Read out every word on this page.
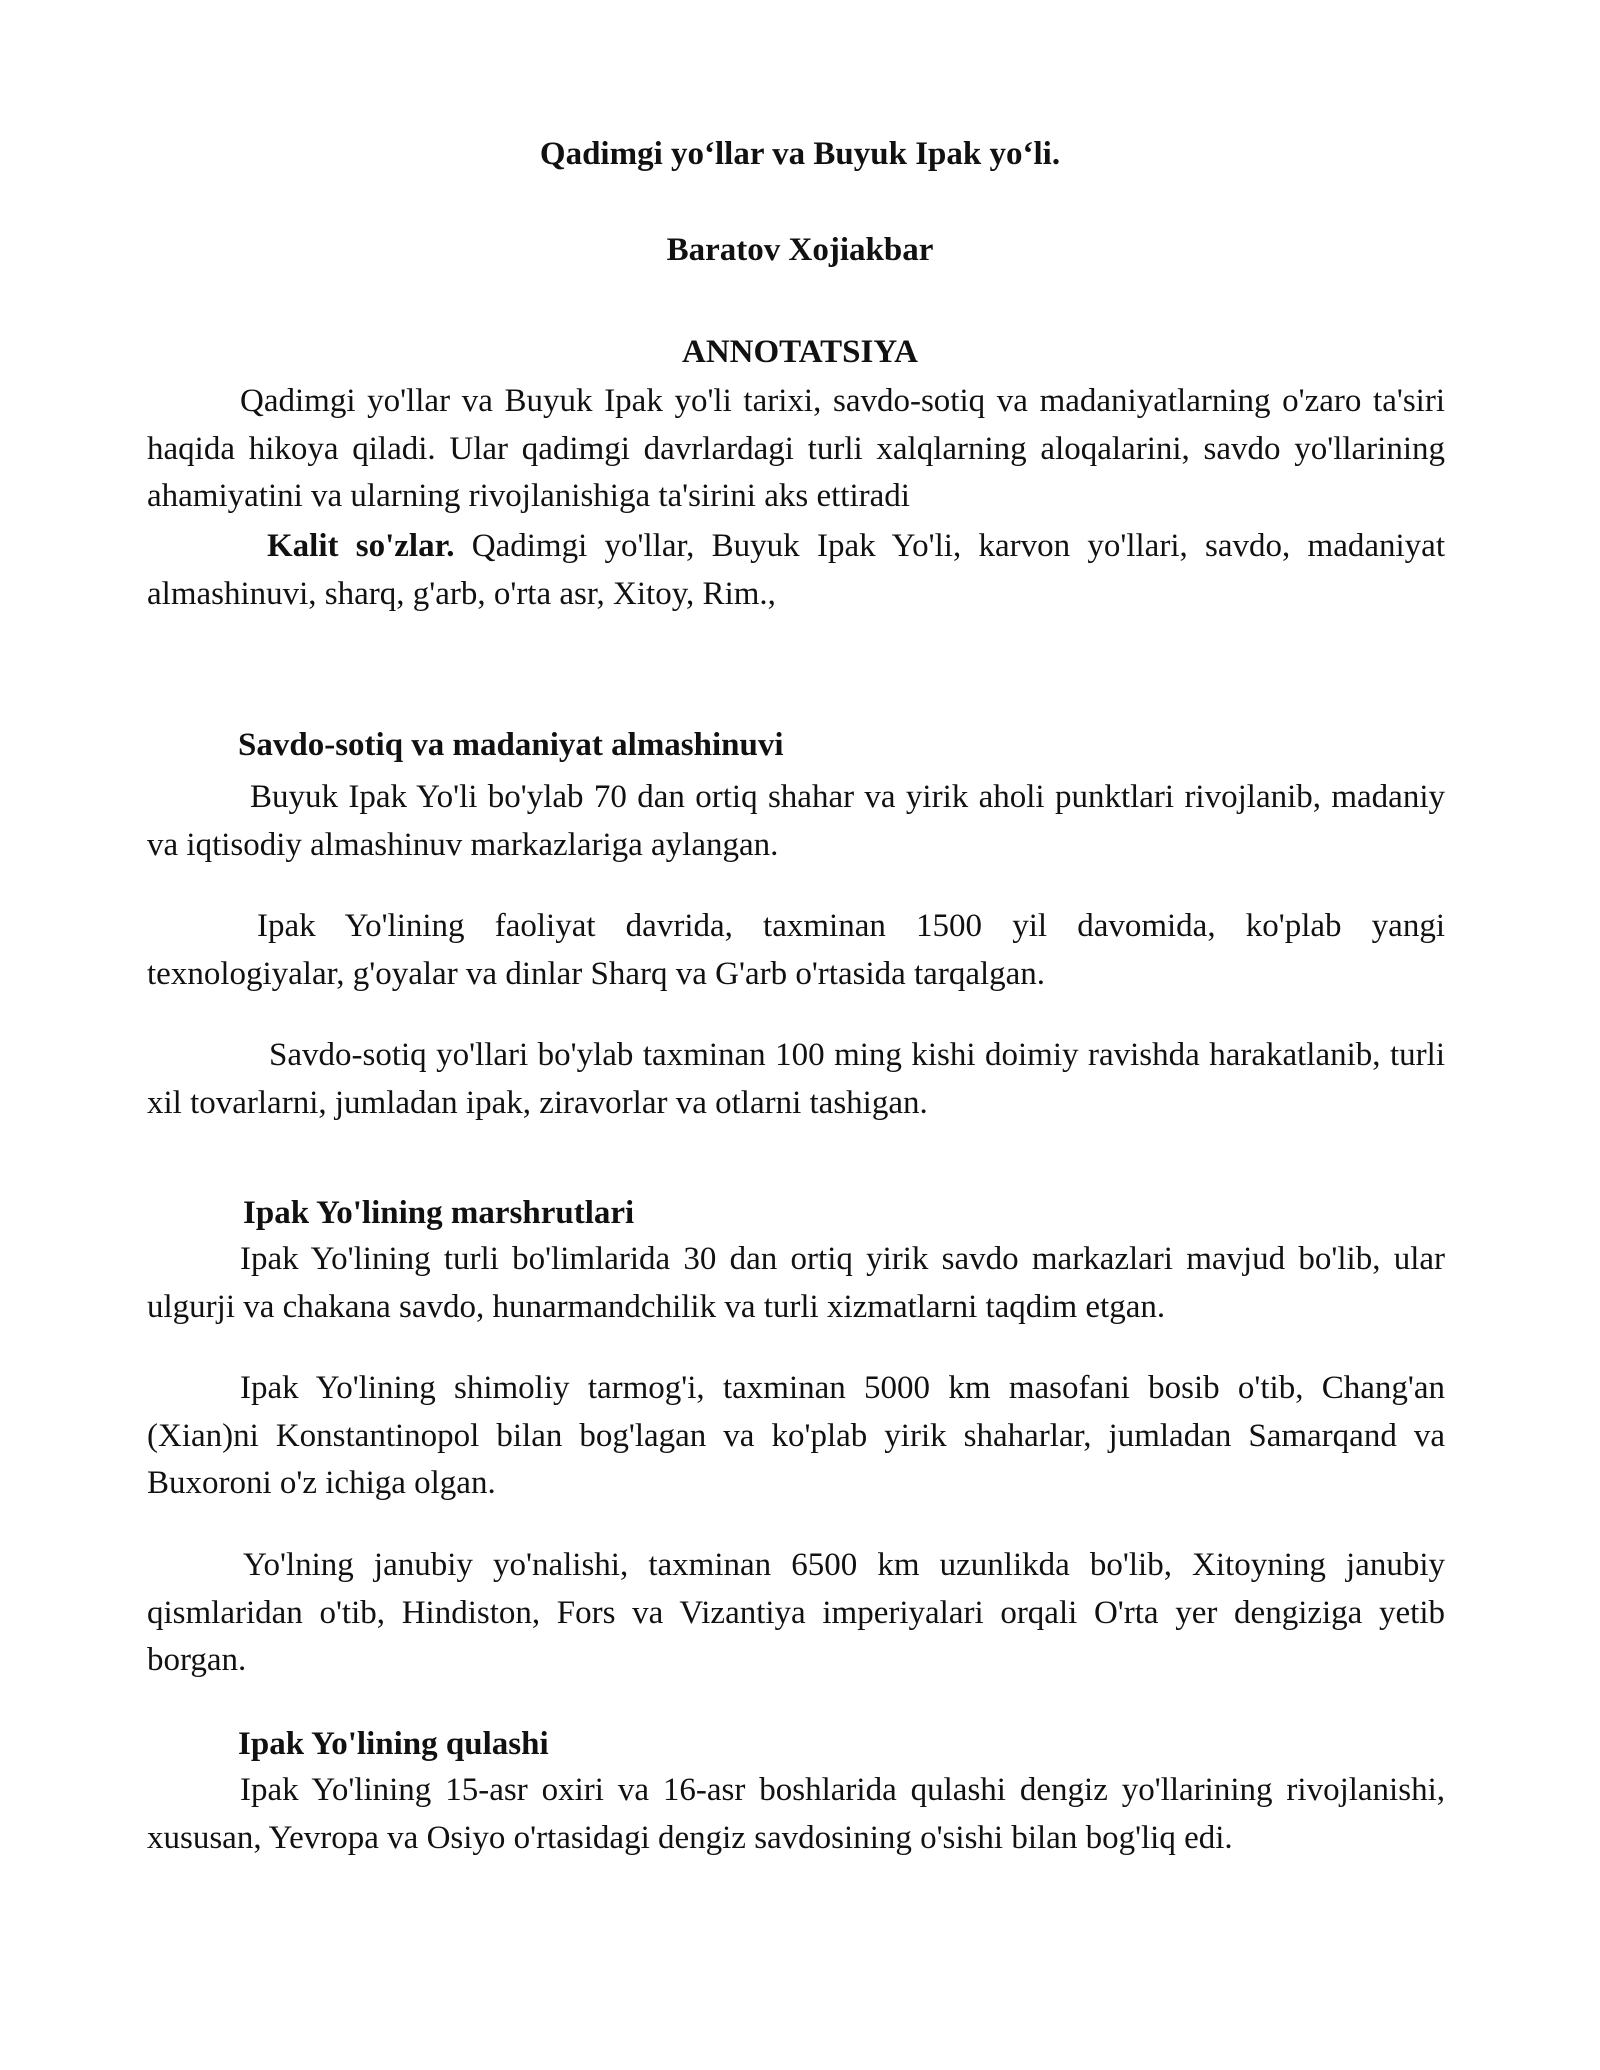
Qadimgi yo‘llar va Buyuk Ipak yo‘li.

Baratov Xojiakbar

ANNOTATSIYA

Qadimgi yo'llar va Buyuk Ipak yo'li tarixi, savdo-sotiq va madaniyatlarning o'zaro ta'siri haqida hikoya qiladi. Ular qadimgi davrlardagi turli xalqlarning aloqalarini, savdo yo'llarining ahamiyatini va ularning rivojlanishiga ta'sirini aks ettiradi

Kalit so'zlar. Qadimgi yo'llar, Buyuk Ipak Yo'li, karvon yo'llari, savdo, madaniyat almashinuvi, sharq, g'arb, o'rta asr, Xitoy, Rim.,

Savdo-sotiq va madaniyat almashinuvi

Buyuk Ipak Yo'li bo'ylab 70 dan ortiq shahar va yirik aholi punktlari rivojlanib, madaniy va iqtisodiy almashinuv markazlariga aylangan.

Ipak Yo'lining faoliyat davrida, taxminan 1500 yil davomida, ko'plab yangi texnologiyalar, g'oyalar va dinlar Sharq va G'arb o'rtasida tarqalgan.

Savdo-sotiq yo'llari bo'ylab taxminan 100 ming kishi doimiy ravishda harakatlanib, turli xil tovarlarni, jumladan ipak, ziravorlar va otlarni tashigan.

Ipak Yo'lining marshrutlari

Ipak Yo'lining turli bo'limlarida 30 dan ortiq yirik savdo markazlari mavjud bo'lib, ular ulgurji va chakana savdo, hunarmandchilik va turli xizmatlarni taqdim etgan.

Ipak Yo'lining shimoliy tarmog'i, taxminan 5000 km masofani bosib o'tib, Chang'an (Xian)ni Konstantinopol bilan bog'lagan va ko'plab yirik shaharlar, jumladan Samarqand va Buxoroni o'z ichiga olgan.

Yo'lning janubiy yo'nalishi, taxminan 6500 km uzunlikda bo'lib, Xitoyning janubiy qismlaridan o'tib, Hindiston, Fors va Vizantiya imperiyalari orqali O'rta yer dengiziga yetib borgan.

Ipak Yo'lining qulashi

Ipak Yo'lining 15-asr oxiri va 16-asr boshlarida qulashi dengiz yo'llarining rivojlanishi, xususan, Yevropa va Osiyo o'rtasidagi dengiz savdosining o'sishi bilan bog'liq edi.
